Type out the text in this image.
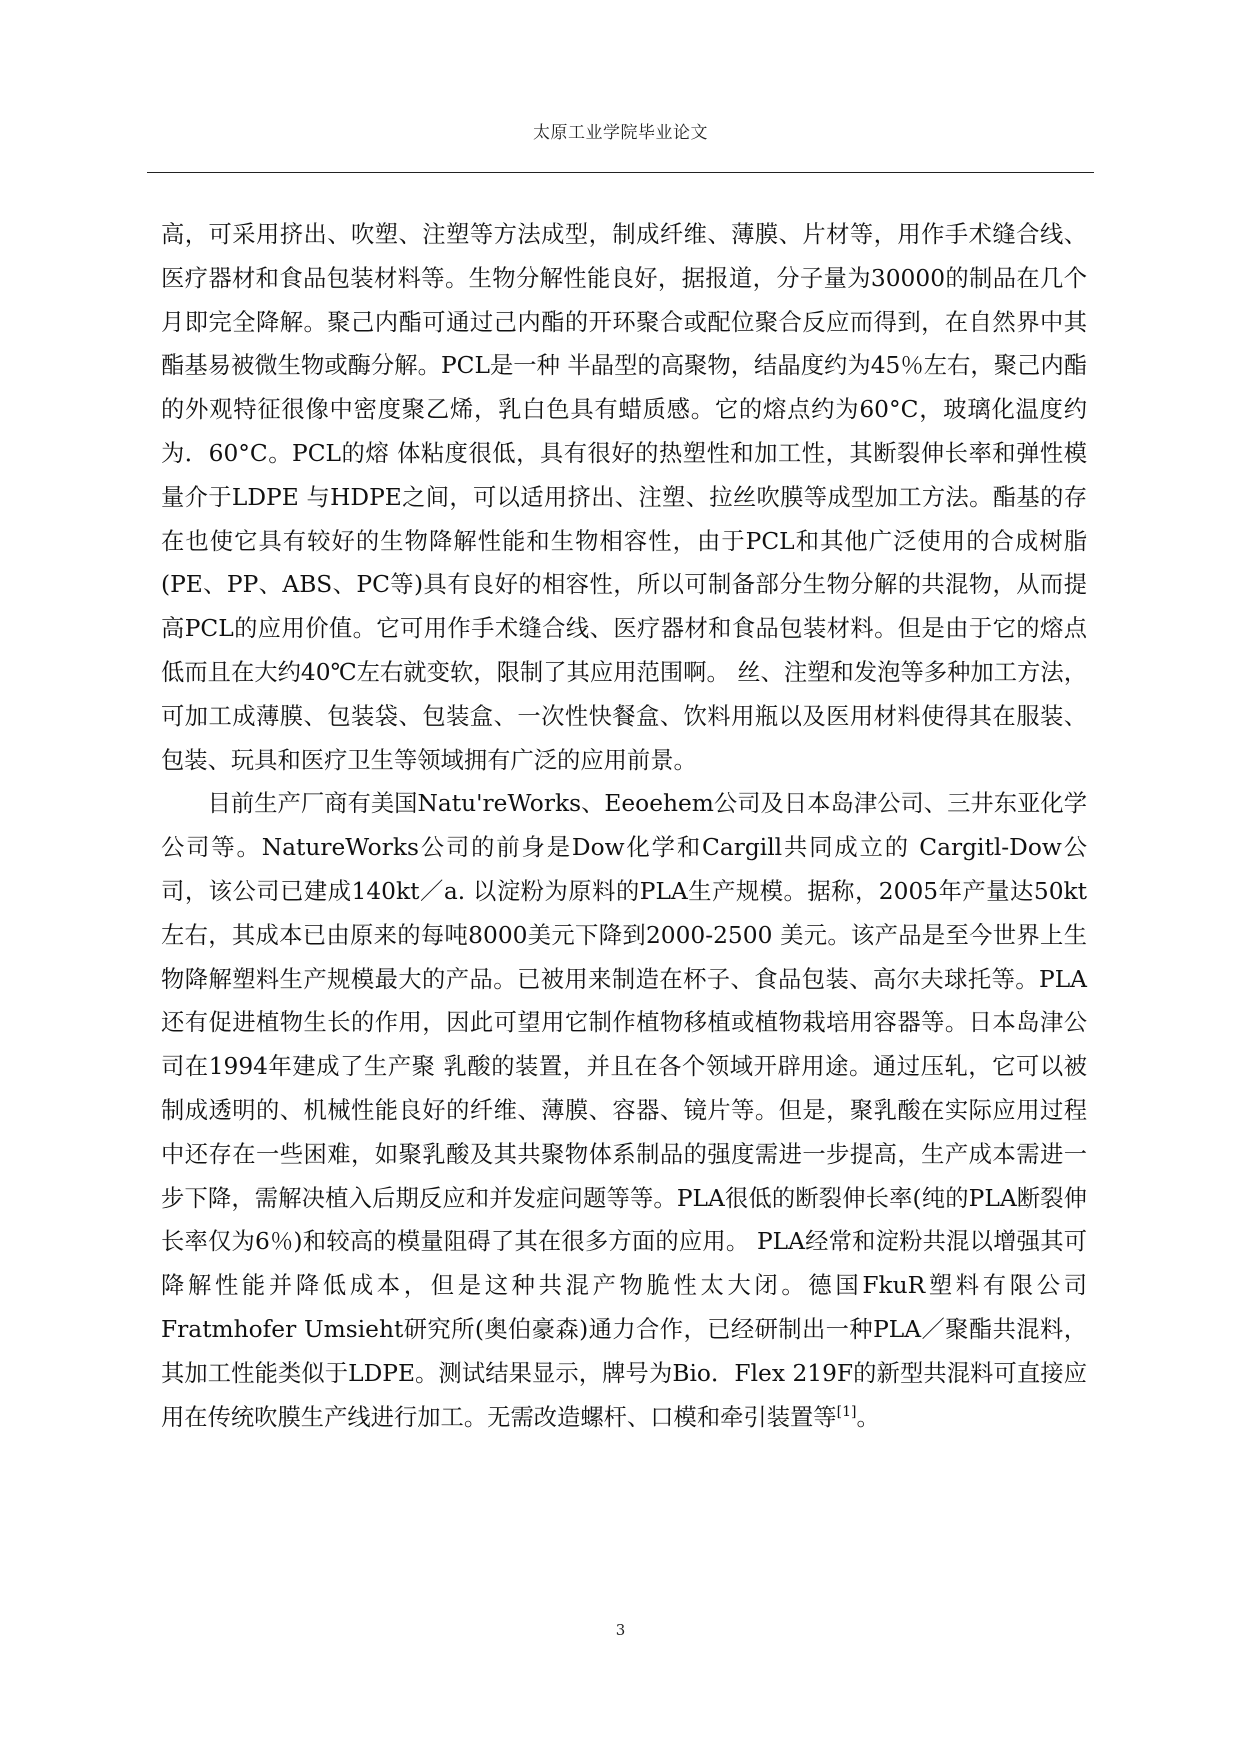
太原工业学院毕业论文

高，可采用挤出、吹塑、注塑等方法成型，制成纤维、薄膜、片材等，用作手术缝合线、医疗器材和食品包装材料等。生物分解性能良好，据报道，分子量为30000的制品在几个月即完全降解。聚己内酯可通过己内酯的开环聚合或配位聚合反应而得到，在自然界中其酯基易被微生物或酶分解。PCL是一种 半晶型的高聚物，结晶度约为45％左右，聚己内酯的外观特征很像中密度聚乙烯，乳白色具有蜡质感。它的熔点约为60°C，玻璃化温度约为．60°C。PCL的熔 体粘度很低，具有很好的热塑性和加工性，其断裂伸长率和弹性模量介于LDPE 与HDPE之间，可以适用挤出、注塑、拉丝吹膜等成型加工方法。酯基的存在也使它具有较好的生物降解性能和生物相容性，由于PCL和其他广泛使用的合成树脂(PE、PP、ABS、PC等)具有良好的相容性，所以可制备部分生物分解的共混物，从而提高PCL的应用价值。它可用作手术缝合线、医疗器材和食品包装材料。但是由于它的熔点低而且在大约40℃左右就变软，限制了其应用范围啊。 丝、注塑和发泡等多种加工方法，可加工成薄膜、包装袋、包装盒、一次性快餐盒、饮料用瓶以及医用材料使得其在服装、包装、玩具和医疗卫生等领域拥有广泛的应用前景。

目前生产厂商有美国Natu'reWorks、Eeoehem公司及日本岛津公司、三井东亚化学公司等。NatureWorks公司的前身是Dow化学和Cargill共同成立的 Cargitl-Dow公司，该公司已建成140kt／a. 以淀粉为原料的PLA生产规模。据称，2005年产量达50kt左右，其成本已由原来的每吨8000美元下降到2000-2500 美元。该产品是至今世界上生物降解塑料生产规模最大的产品。已被用来制造在杯子、食品包装、高尔夫球托等。PLA还有促进植物生长的作用，因此可望用它制作植物移植或植物栽培用容器等。日本岛津公司在1994年建成了生产聚 乳酸的装置，并且在各个领域开辟用途。通过压轧，它可以被制成透明的、机械性能良好的纤维、薄膜、容器、镜片等。但是，聚乳酸在实际应用过程中还存在一些困难，如聚乳酸及其共聚物体系制品的强度需进一步提高，生产成本需进一步下降，需解决植入后期反应和并发症问题等等。PLA很低的断裂伸长率(纯的PLA断裂伸长率仅为6％)和较高的模量阻碍了其在很多方面的应用。 PLA经常和淀粉共混以增强其可降解性能并降低成本，但是这种共混产物脆性太大闭。德国FkuR塑料有限公司Fratmhofer Umsieht研究所(奥伯豪森)通力合作，已经研制出一种PLA／聚酯共混料，其加工性能类似于LDPE。测试结果显示，牌号为Bio．Flex 219F的新型共混料可直接应用在传统吹膜生产线进行加工。无需改造螺杆、口模和牵引装置等[1]。

3
